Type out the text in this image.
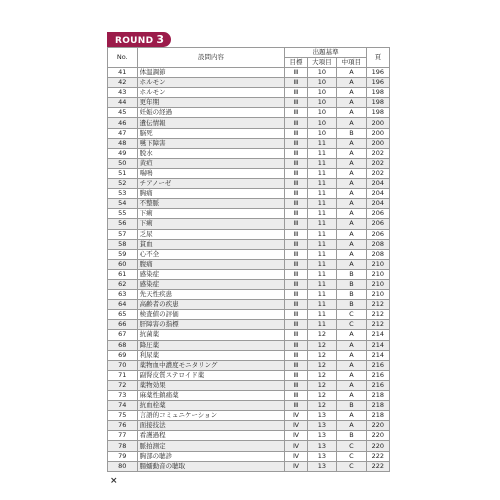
ROUND 3
No.	設問内容	出題基準			頁
		目標	大項目	中項目	
41	体温調節	Ⅲ	10	A	196
42	ホルモン	Ⅲ	10	A	196
43	ホルモン	Ⅲ	10	A	198
44	更年期	Ⅲ	10	A	198
45	妊娠の経過	Ⅲ	10	A	198
46	遺伝情報	Ⅲ	10	A	200
47	脳死	Ⅲ	10	B	200
48	嚥下障害	Ⅲ	11	A	200
49	脱水	Ⅲ	11	A	202
50	黄疸	Ⅲ	11	A	202
51	喘鳴	Ⅲ	11	A	202
52	チアノーゼ	Ⅲ	11	A	204
53	胸痛	Ⅲ	11	A	204
54	不整脈	Ⅲ	11	A	204
55	下痢	Ⅲ	11	A	206
56	下痢	Ⅲ	11	A	206
57	乏尿	Ⅲ	11	A	206
58	貧血	Ⅲ	11	A	208
59	心不全	Ⅲ	11	A	208
60	腹痛	Ⅲ	11	A	210
61	感染症	Ⅲ	11	B	210
62	感染症	Ⅲ	11	B	210
63	先天性疾患	Ⅲ	11	B	210
64	高齢者の疾患	Ⅲ	11	B	212
65	検査値の評価	Ⅲ	11	C	212
66	肝障害の指標	Ⅲ	11	C	212
67	抗菌薬	Ⅲ	12	A	214
68	降圧薬	Ⅲ	12	A	214
69	利尿薬	Ⅲ	12	A	214
70	薬物血中濃度モニタリング	Ⅲ	12	A	216
71	副腎皮質ステロイド薬	Ⅲ	12	A	216
72	薬物効果	Ⅲ	12	A	216
73	麻薬性鎮痛薬	Ⅲ	12	A	218
74	抗血栓薬	Ⅲ	12	B	218
75	言語的コミュニケーション	Ⅳ	13	A	218
76	面接技法	Ⅳ	13	A	220
77	看護過程	Ⅳ	13	B	220
78	脈拍測定	Ⅳ	13	C	220
79	胸部の聴診	Ⅳ	13	C	222
80	腸蠕動音の聴取	Ⅳ	13	C	222
×
